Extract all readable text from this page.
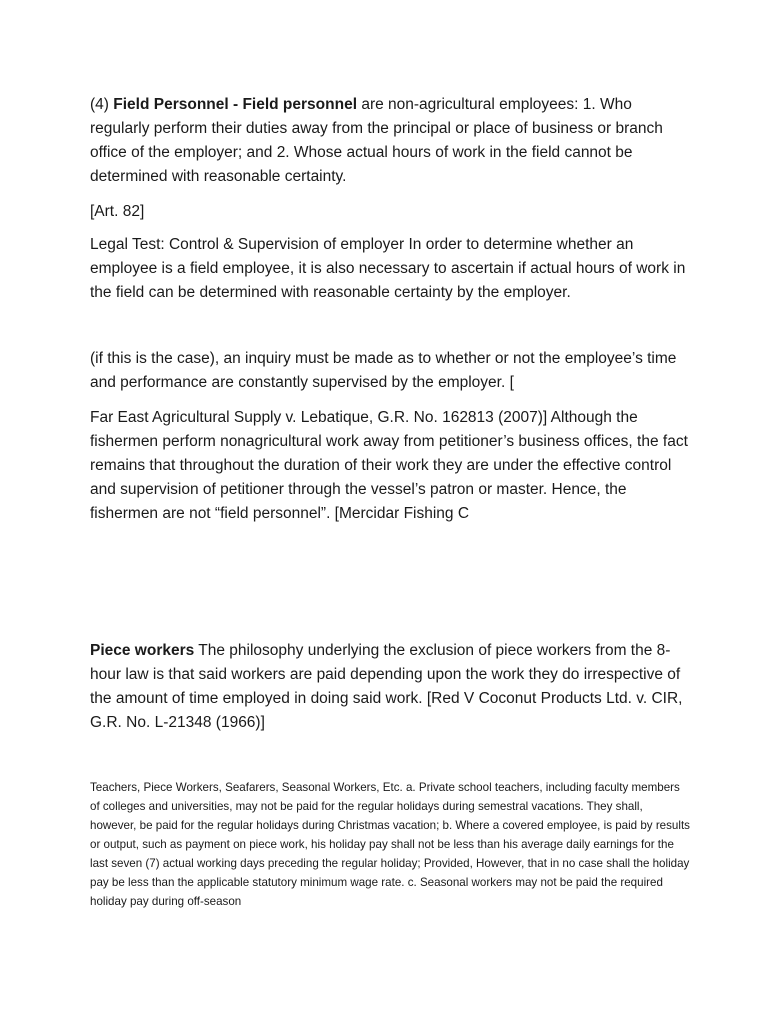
(4) Field Personnel - Field personnel are non-agricultural employees: 1. Who regularly perform their duties away from the principal or place of business or branch office of the employer; and 2. Whose actual hours of work in the field cannot be determined with reasonable certainty.

[Art. 82]

Legal Test: Control & Supervision of employer In order to determine whether an employee is a field employee, it is also necessary to ascertain if actual hours of work in the field can be determined with reasonable certainty by the employer.

(if this is the case), an inquiry must be made as to whether or not the employee’s time and performance are constantly supervised by the employer. [

Far East Agricultural Supply v. Lebatique, G.R. No. 162813 (2007)] Although the fishermen perform nonagricultural work away from petitioner’s business offices, the fact remains that throughout the duration of their work they are under the effective control and supervision of petitioner through the vessel’s patron or master. Hence, the fishermen are not “field personnel”. [Mercidar Fishing C

Piece workers The philosophy underlying the exclusion of piece workers from the 8-hour law is that said workers are paid depending upon the work they do irrespective of the amount of time employed in doing said work. [Red V Coconut Products Ltd. v. CIR, G.R. No. L-21348 (1966)]

Teachers, Piece Workers, Seafarers, Seasonal Workers, Etc. a. Private school teachers, including faculty members of colleges and universities, may not be paid for the regular holidays during semestral vacations. They shall, however, be paid for the regular holidays during Christmas vacation; b. Where a covered employee, is paid by results or output, such as payment on piece work, his holiday pay shall not be less than his average daily earnings for the last seven (7) actual working days preceding the regular holiday; Provided, However, that in no case shall the holiday pay be less than the applicable statutory minimum wage rate. c. Seasonal workers may not be paid the required holiday pay during off-season
